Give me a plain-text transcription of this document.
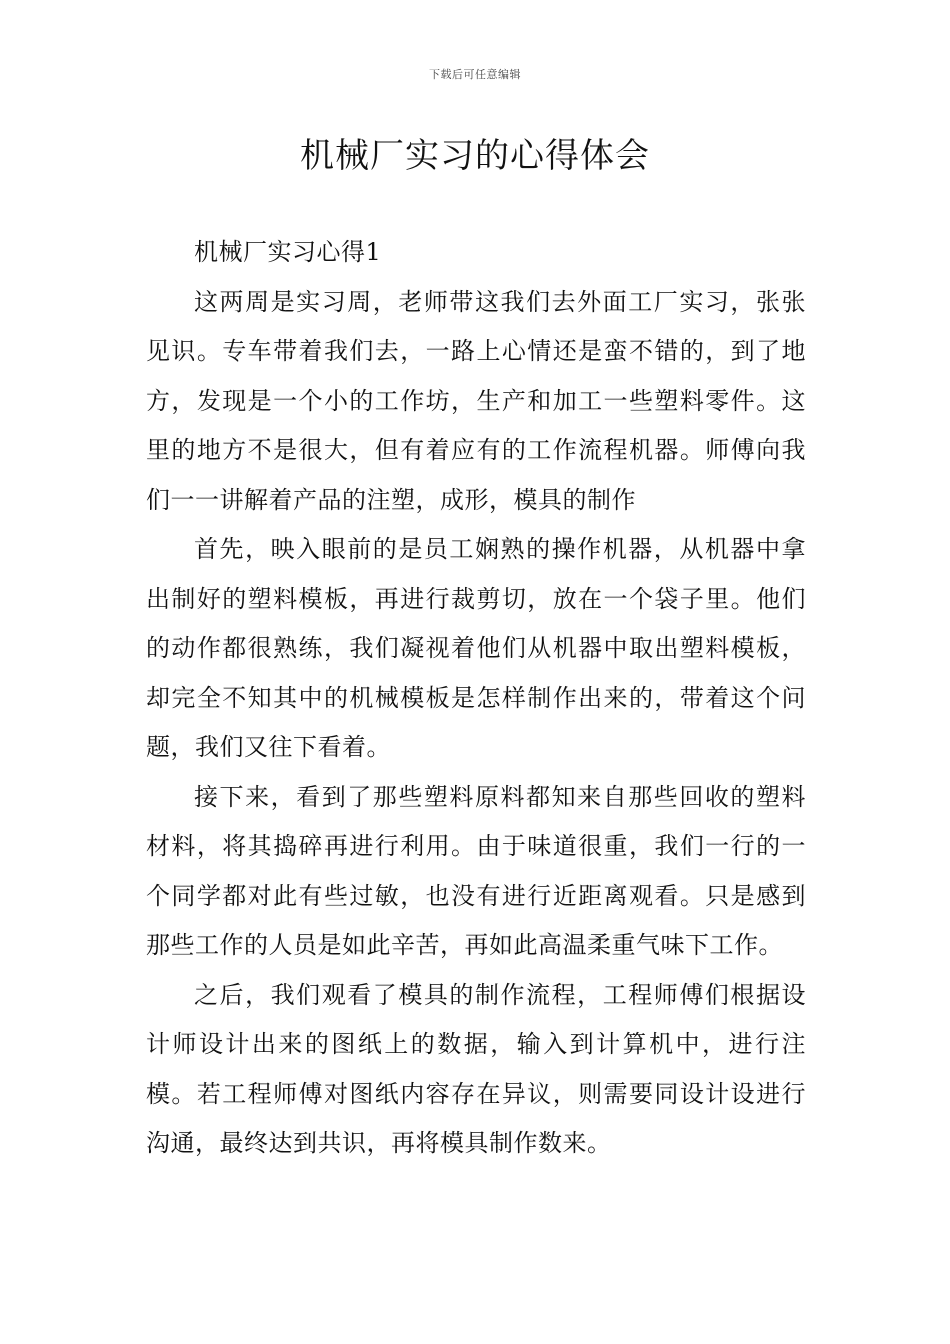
下载后可任意编辑
机械厂实习的心得体会

机械厂实习心得1

这两周是实习周，老师带这我们去外面工厂实习，张张见识。专车带着我们去，一路上心情还是蛮不错的，到了地方，发现是一个小的工作坊，生产和加工一些塑料零件。这里的地方不是很大，但有着应有的工作流程机器。师傅向我们一一讲解着产品的注塑，成形，模具的制作

首先，映入眼前的是员工娴熟的操作机器，从机器中拿出制好的塑料模板，再进行裁剪切，放在一个袋子里。他们的动作都很熟练，我们凝视着他们从机器中取出塑料模板，却完全不知其中的机械模板是怎样制作出来的，带着这个问题，我们又往下看着。

接下来，看到了那些塑料原料都知来自那些回收的塑料材料，将其捣碎再进行利用。由于味道很重，我们一行的一个同学都对此有些过敏，也没有进行近距离观看。只是感到那些工作的人员是如此辛苦，再如此高温柔重气味下工作。

之后，我们观看了模具的制作流程，工程师傅们根据设计师设计出来的图纸上的数据，输入到计算机中，进行注模。若工程师傅对图纸内容存在异议，则需要同设计设进行沟通，最终达到共识，再将模具制作数来。
